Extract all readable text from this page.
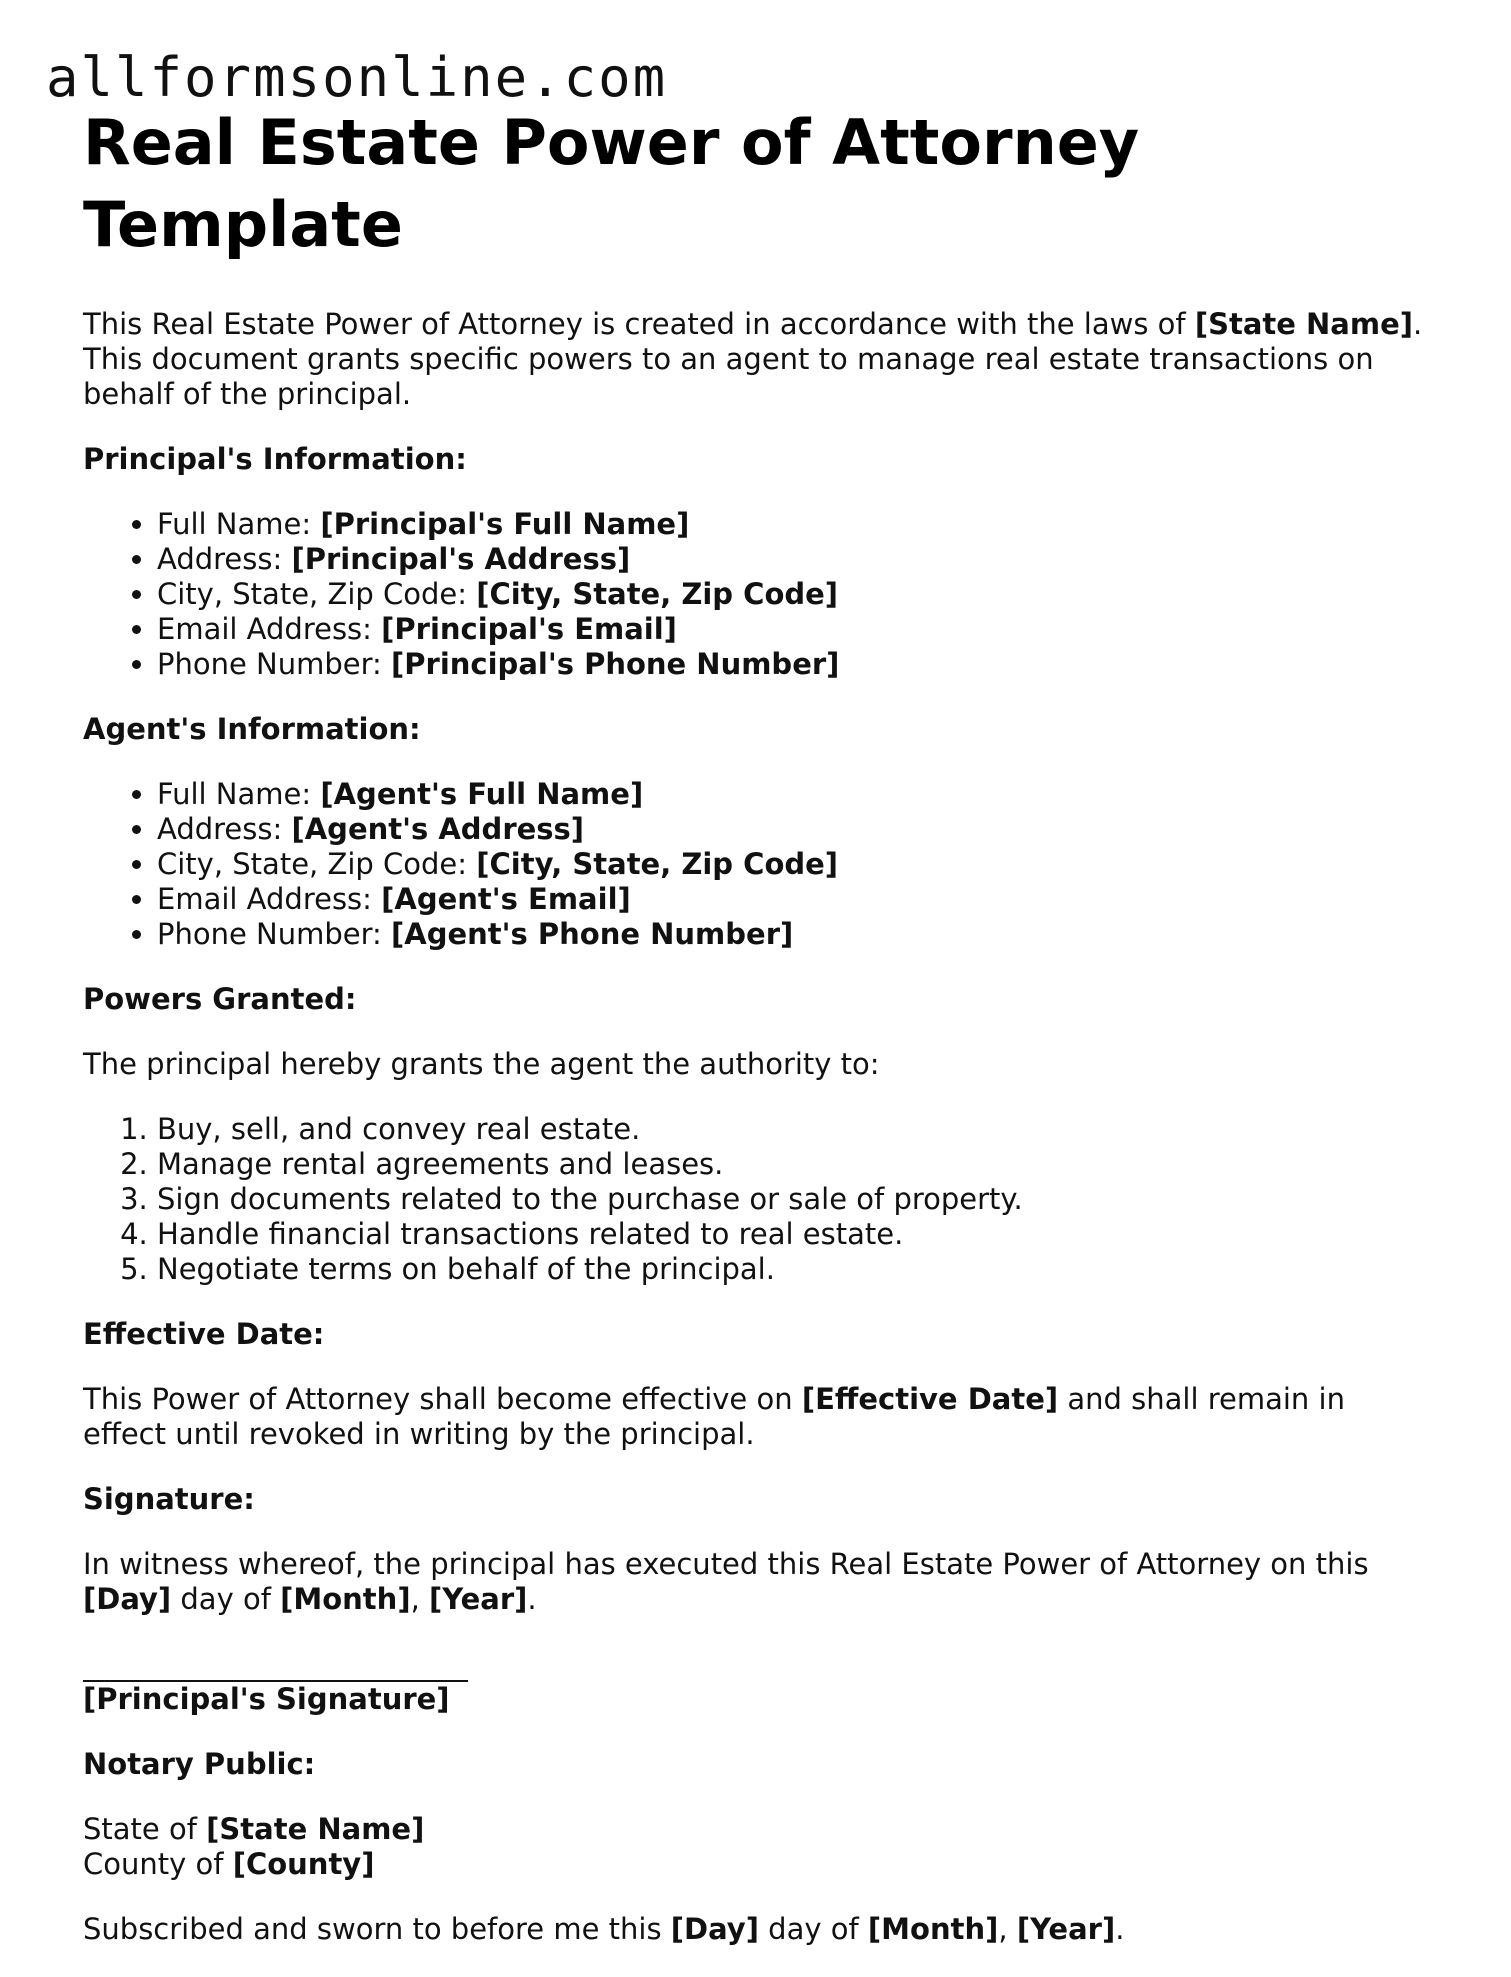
allformsonline.com
Real Estate Power of Attorney Template

This Real Estate Power of Attorney is created in accordance with the laws of [State Name]. This document grants specific powers to an agent to manage real estate transactions on behalf of the principal.

Principal's Information:

• Full Name: [Principal's Full Name]
• Address: [Principal's Address]
• City, State, Zip Code: [City, State, Zip Code]
• Email Address: [Principal's Email]
• Phone Number: [Principal's Phone Number]

Agent's Information:

• Full Name: [Agent's Full Name]
• Address: [Agent's Address]
• City, State, Zip Code: [City, State, Zip Code]
• Email Address: [Agent's Email]
• Phone Number: [Agent's Phone Number]

Powers Granted:

The principal hereby grants the agent the authority to:

1. Buy, sell, and convey real estate.
2. Manage rental agreements and leases.
3. Sign documents related to the purchase or sale of property.
4. Handle financial transactions related to real estate.
5. Negotiate terms on behalf of the principal.

Effective Date:

This Power of Attorney shall become effective on [Effective Date] and shall remain in effect until revoked in writing by the principal.

Signature:

In witness whereof, the principal has executed this Real Estate Power of Attorney on this [Day] day of [Month], [Year].

[Principal's Signature]

Notary Public:

State of [State Name]
County of [County]

Subscribed and sworn to before me this [Day] day of [Month], [Year].
